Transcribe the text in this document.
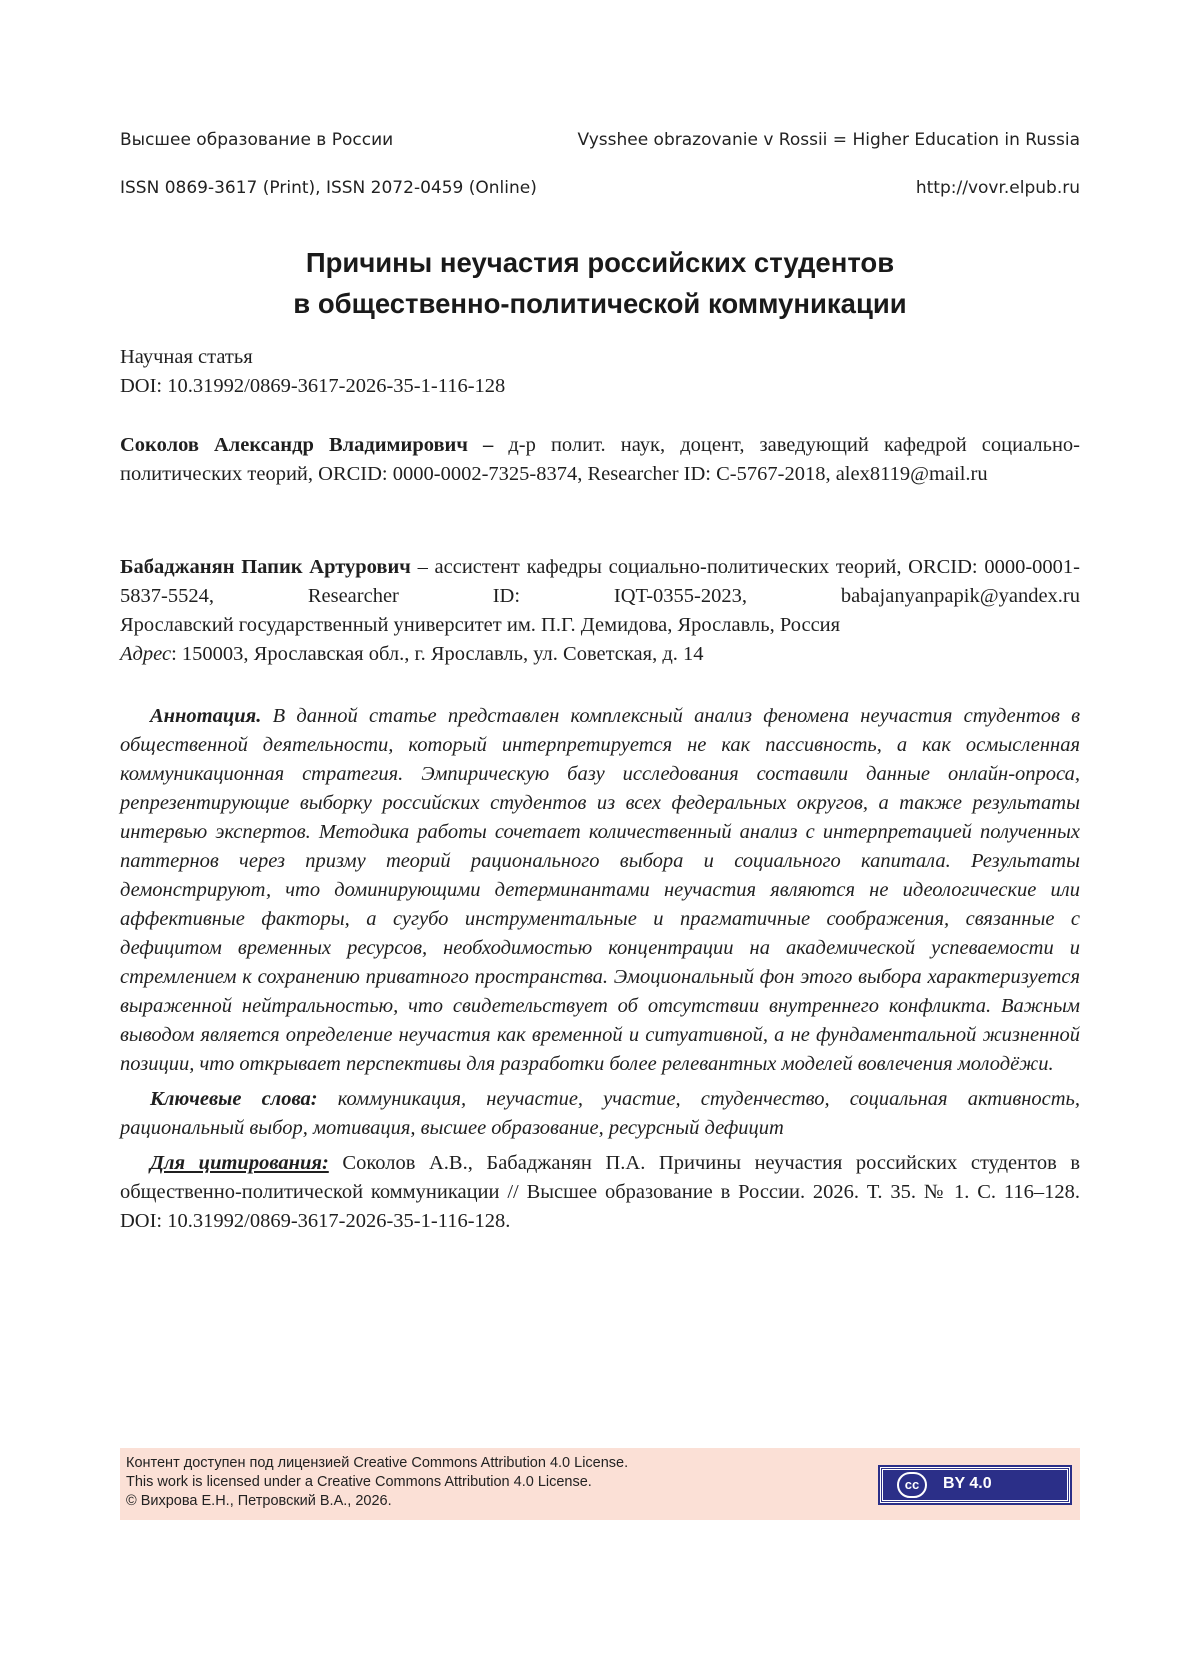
Высшее образование в России	Vysshee obrazovanie v Rossii = Higher Education in Russia
ISSN 0869-3617 (Print), ISSN 2072-0459 (Online)	http://vovr.elpub.ru
Причины неучастия российских студентов
в общественно-политической коммуникации
Научная статья
DOI: 10.31992/0869-3617-2026-35-1-116-128
Соколов Александр Владимирович – д-р полит. наук, доцент, заведующий кафедрой социально-политических теорий, ORCID: 0000-0002-7325-8374, Researcher ID: C-5767-2018, alex8119@mail.ru
Бабаджанян Папик Артурович – ассистент кафедры социально-политических теорий, ORCID: 0000-0001-5837-5524, Researcher ID: IQT-0355-2023, babajanyanpapik@yandex.ru
Ярославский государственный университет им. П.Г. Демидова, Ярославль, Россия
Адрес: 150003, Ярославская обл., г. Ярославль, ул. Советская, д. 14

Аннотация. В данной статье представлен комплексный анализ феномена неучастия студентов в общественной деятельности, который интерпретируется не как пассивность, а как осмысленная коммуникационная стратегия. Эмпирическую базу исследования составили данные онлайн-опроса, репрезентирующие выборку российских студентов из всех федеральных округов, а также результаты интервью экспертов. Методика работы сочетает количественный анализ с интерпретацией полученных паттернов через призму теорий рационального выбора и социального капитала. Результаты демонстрируют, что доминирующими детерминантами неучастия являются не идеологические или аффективные факторы, а сугубо инструментальные и прагматичные соображения, связанные с дефицитом временных ресурсов, необходимостью концентрации на академической успеваемости и стремлением к сохранению приватного пространства. Эмоциональный фон этого выбора характеризуется выраженной нейтральностью, что свидетельствует об отсутствии внутреннего конфликта. Важным выводом является определение неучастия как временной и ситуативной, а не фундаментальной жизненной позиции, что открывает перспективы для разработки более релевантных моделей вовлечения молодёжи.

Ключевые слова: коммуникация, неучастие, участие, студенчество, социальная активность, рациональный выбор, мотивация, высшее образование, ресурсный дефицит

Для цитирования: Соколов А.В., Бабаджанян П.А. Причины неучастия российских студентов в общественно-политической коммуникации // Высшее образование в России. 2026. Т. 35. № 1. С. 116–128. DOI: 10.31992/0869-3617-2026-35-1-116-128.

Контент доступен под лицензией Creative Commons Attribution 4.0 License.
This work is licensed under a Creative Commons Attribution 4.0 License.
© Вихрова Е.Н., Петровский В.А., 2026.
cc	BY 4.0
